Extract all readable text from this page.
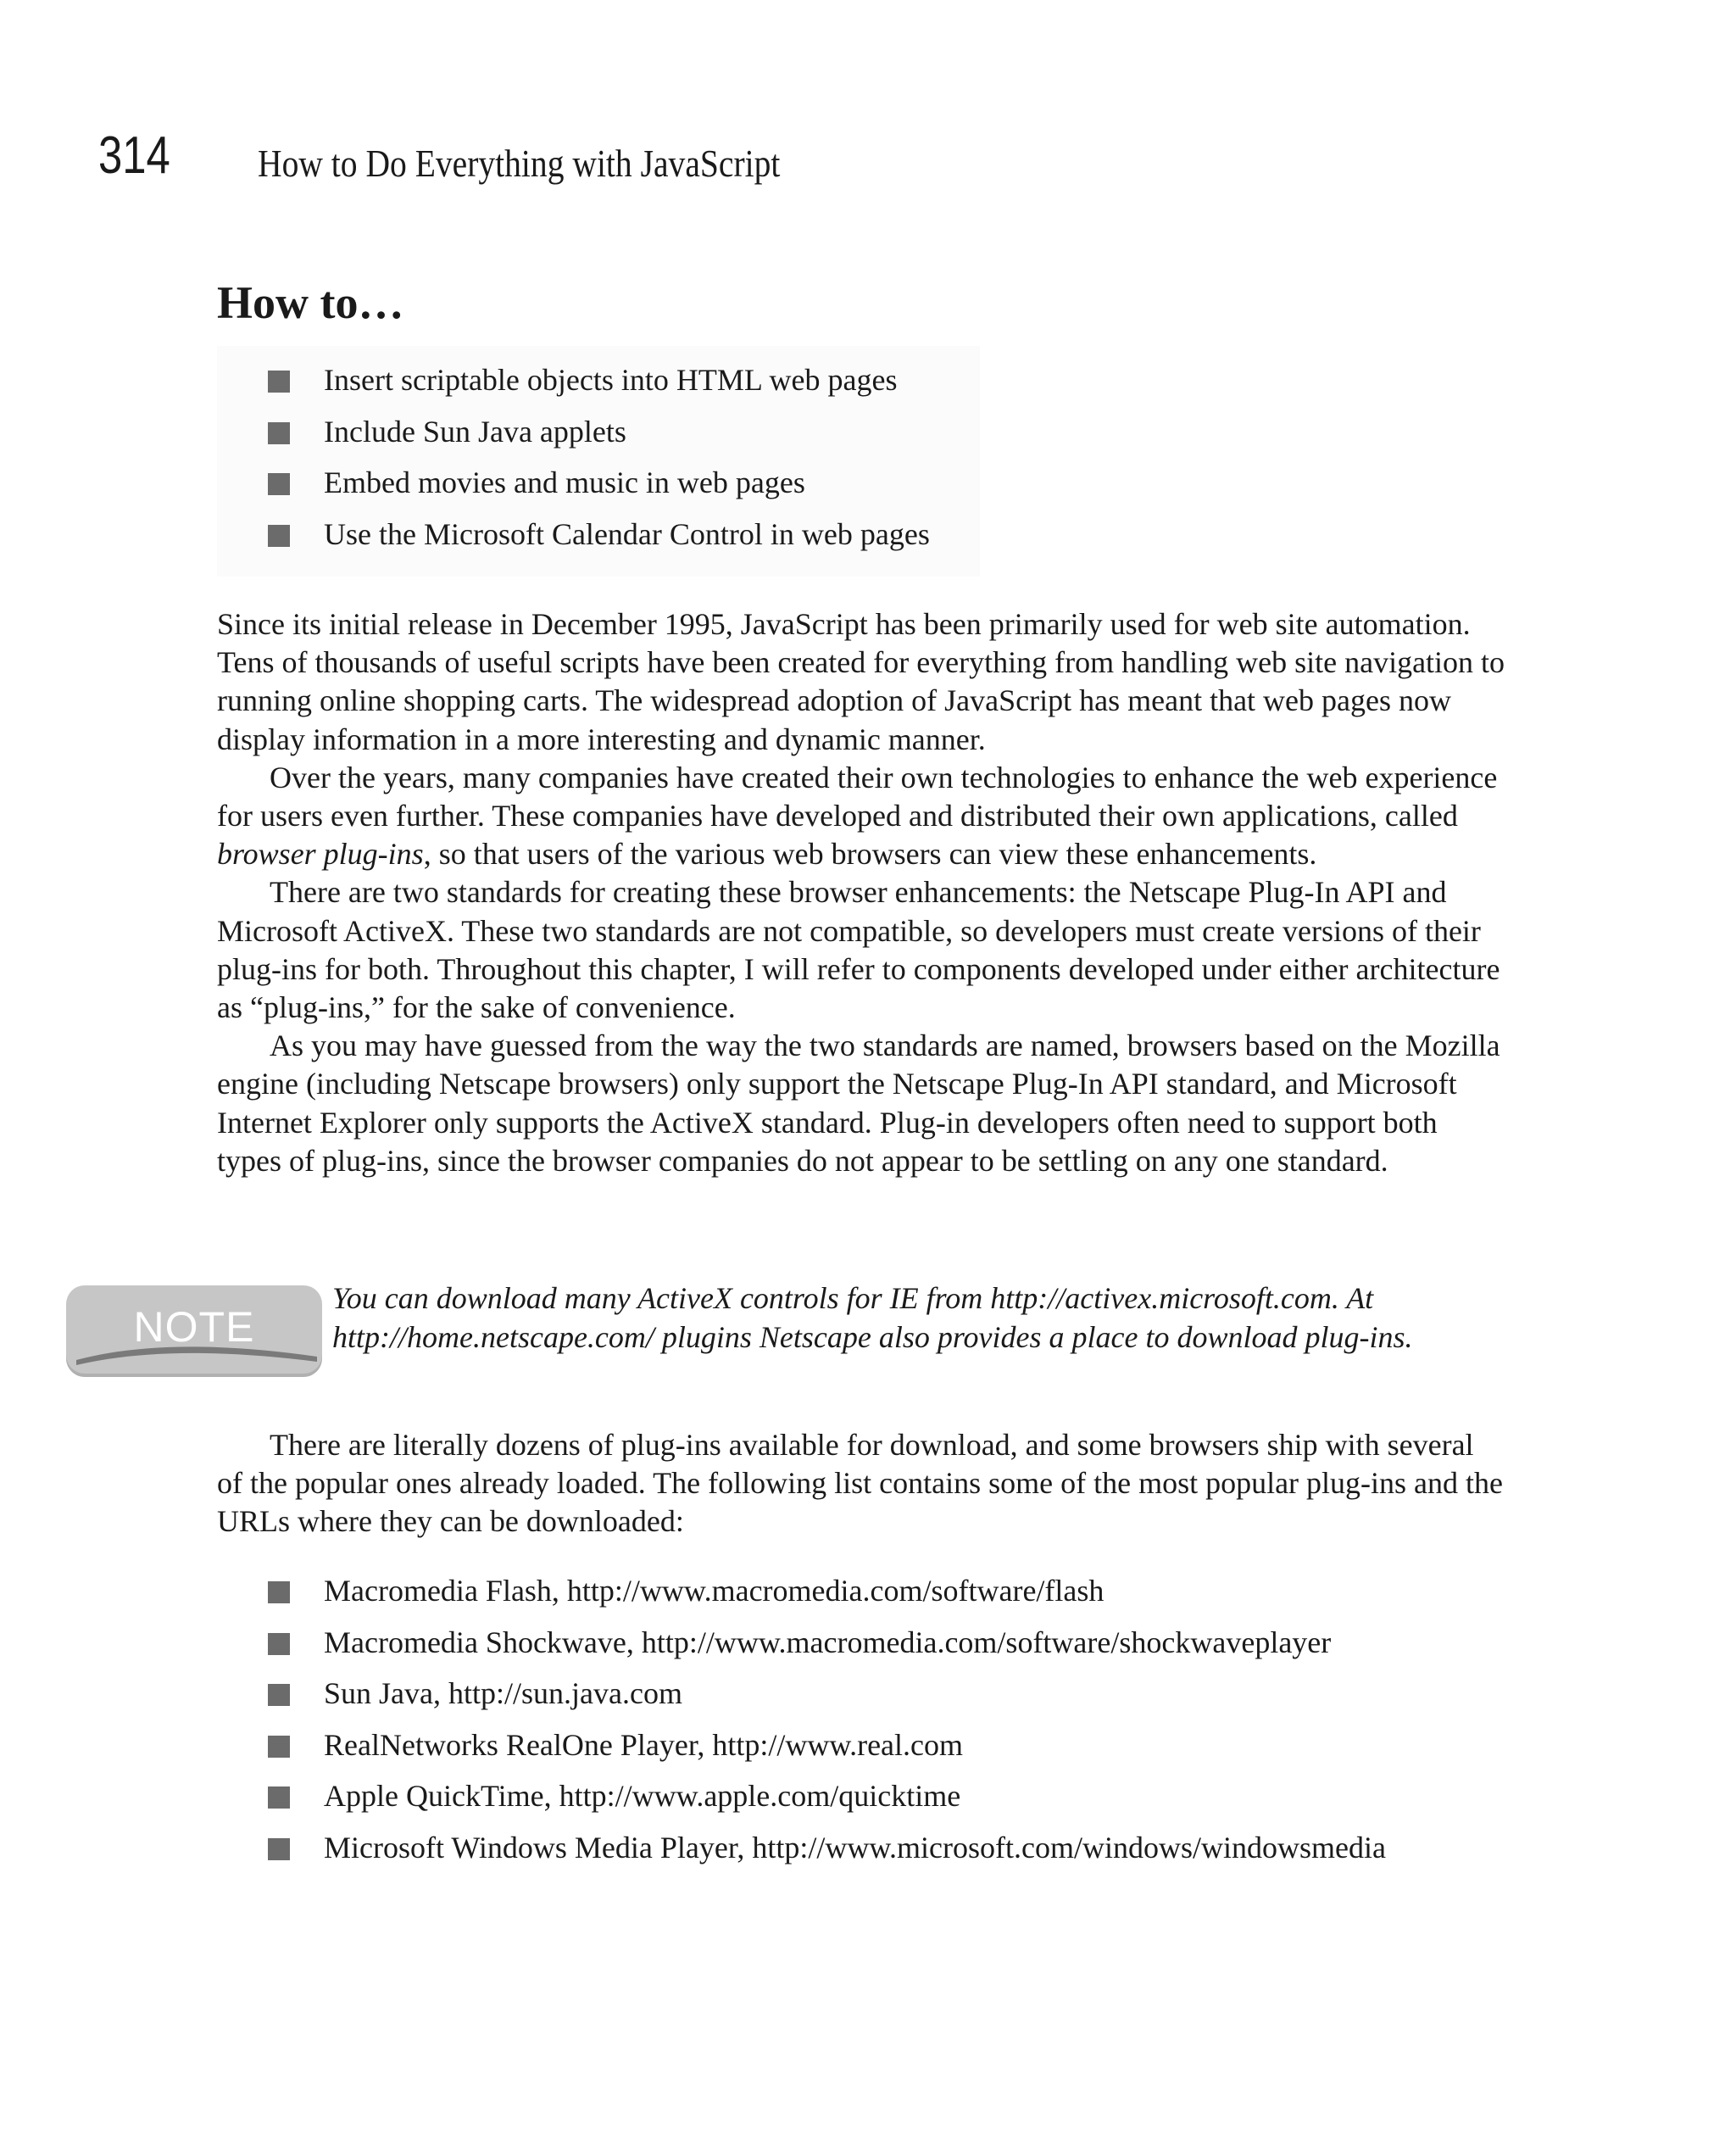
314 How to Do Everything with JavaScript
How to…
Insert scriptable objects into HTML web pages
Include Sun Java applets
Embed movies and music in web pages
Use the Microsoft Calendar Control in web pages

Since its initial release in December 1995, JavaScript has been primarily used for web site automation. Tens of thousands of useful scripts have been created for everything from handling web site navigation to running online shopping carts. The widespread adoption of JavaScript has meant that web pages now display information in a more interesting and dynamic manner.

Over the years, many companies have created their own technologies to enhance the web experience for users even further. These companies have developed and distributed their own applications, called browser plug-ins, so that users of the various web browsers can view these enhancements.

There are two standards for creating these browser enhancements: the Netscape Plug-In API and Microsoft ActiveX. These two standards are not compatible, so developers must create versions of their plug-ins for both. Throughout this chapter, I will refer to components developed under either architecture as “plug-ins,” for the sake of convenience.

As you may have guessed from the way the two standards are named, browsers based on the Mozilla engine (including Netscape browsers) only support the Netscape Plug-In API standard, and Microsoft Internet Explorer only supports the ActiveX standard. Plug-in developers often need to support both types of plug-ins, since the browser companies do not appear to be settling on any one standard.

NOTE
You can download many ActiveX controls for IE from http://activex.microsoft.com. At http://home.netscape.com/ plugins Netscape also provides a place to download plug-ins.

There are literally dozens of plug-ins available for download, and some browsers ship with several of the popular ones already loaded. The following list contains some of the most popular plug-ins and the URLs where they can be downloaded:

Macromedia Flash, http://www.macromedia.com/software/flash
Macromedia Shockwave, http://www.macromedia.com/software/shockwaveplayer
Sun Java, http://sun.java.com
RealNetworks RealOne Player, http://www.real.com
Apple QuickTime, http://www.apple.com/quicktime
Microsoft Windows Media Player, http://www.microsoft.com/windows/windowsmedia
